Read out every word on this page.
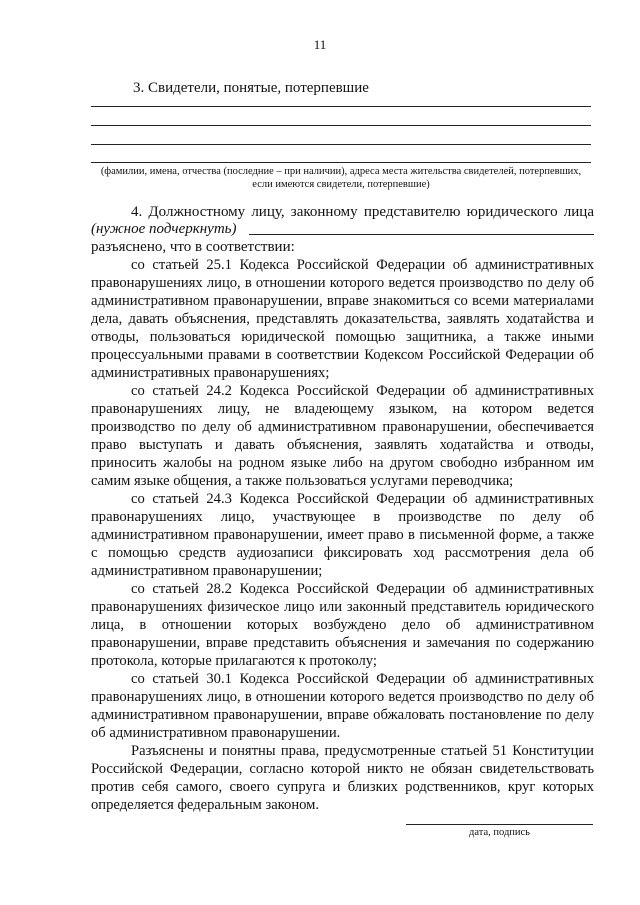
11
3. Свидетели, понятые, потерпевшие
(фамилии, имена, отчества (последние – при наличии), адреса места жительства свидетелей, потерпевших,
если имеются свидетели, потерпевшие)
4. Должностному лицу, законному представителю юридического лица
(нужное подчеркнуть)
разъяснено, что в соответствии:

со статьей 25.1 Кодекса Российской Федерации об административных правонарушениях лицо, в отношении которого ведется производство по делу об административном правонарушении, вправе знакомиться со всеми материалами дела, давать объяснения, представлять доказательства, заявлять ходатайства и отводы, пользоваться юридической помощью защитника, а также иными процессуальными правами в соответствии Кодексом Российской Федерации об административных правонарушениях;

со статьей 24.2 Кодекса Российской Федерации об административных правонарушениях лицу, не владеющему языком, на котором ведется производство по делу об административном правонарушении, обеспечивается право выступать и давать объяснения, заявлять ходатайства и отводы, приносить жалобы на родном языке либо на другом свободно избранном им самим языке общения, а также пользоваться услугами переводчика;

со статьей 24.3 Кодекса Российской Федерации об административных правонарушениях лицо, участвующее в производстве по делу об административном правонарушении, имеет право в письменной форме, а также с помощью средств аудиозаписи фиксировать ход рассмотрения дела об административном правонарушении;

со статьей 28.2 Кодекса Российской Федерации об административных правонарушениях физическое лицо или законный представитель юридического лица, в отношении которых возбуждено дело об административном правонарушении, вправе представить объяснения и замечания по содержанию протокола, которые прилагаются к протоколу;

со статьей 30.1 Кодекса Российской Федерации об административных правонарушениях лицо, в отношении которого ведется производство по делу об административном правонарушении, вправе обжаловать постановление по делу об административном правонарушении.

Разъяснены и понятны права, предусмотренные статьей 51 Конституции Российской Федерации, согласно которой никто не обязан свидетельствовать против себя самого, своего супруга и близких родственников, круг которых определяется федеральным законом.

дата, подпись
